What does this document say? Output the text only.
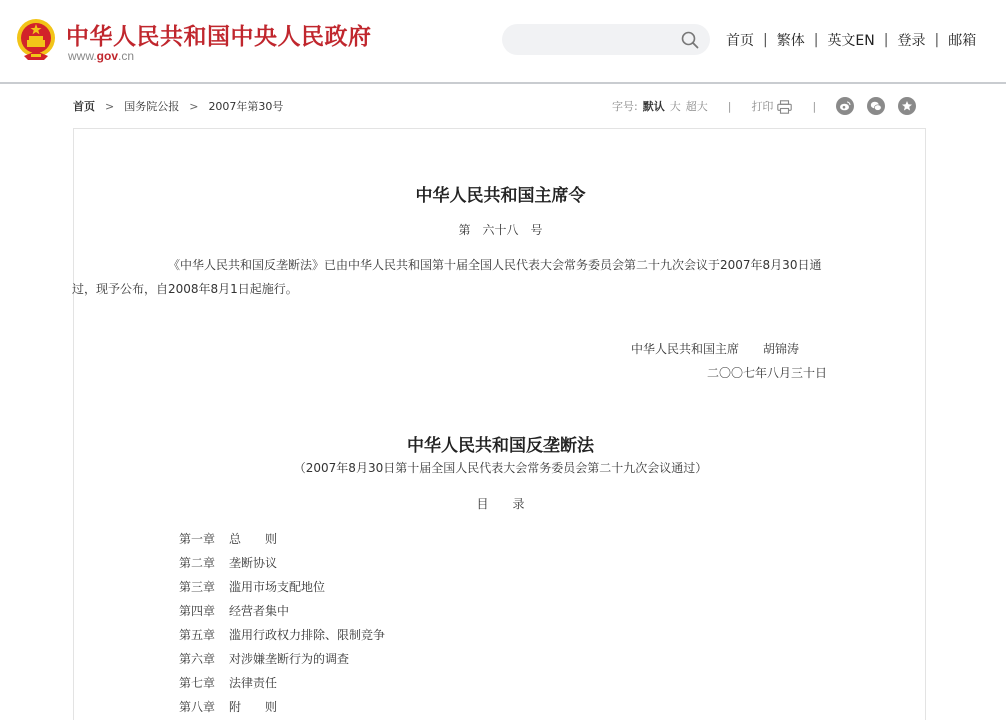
中华人民共和国中央人民政府
www.gov.cn
首页 | 繁体 | 英文EN | 登录 | 邮箱
首页 > 国务院公报 > 2007年第30号	字号: 默认 大 超大 | 打印	|
中华人民共和国主席令
第　六十八　号
《中华人民共和国反垄断法》已由中华人民共和国第十届全国人民代表大会常务委员会第二十九次会议于2007年8月30日通
过，现予公布，自2008年8月1日起施行。
中华人民共和国主席　　胡锦涛
二〇〇七年八月三十日
中华人民共和国反垄断法
（2007年8月30日第十届全国人民代表大会常务委员会第二十九次会议通过）
目　　录
第一章 总　　则
第二章 垄断协议
第三章 滥用市场支配地位
第四章 经营者集中
第五章 滥用行政权力排除、限制竞争
第六章 对涉嫌垄断行为的调查
第七章 法律责任
第八章 附　　则
